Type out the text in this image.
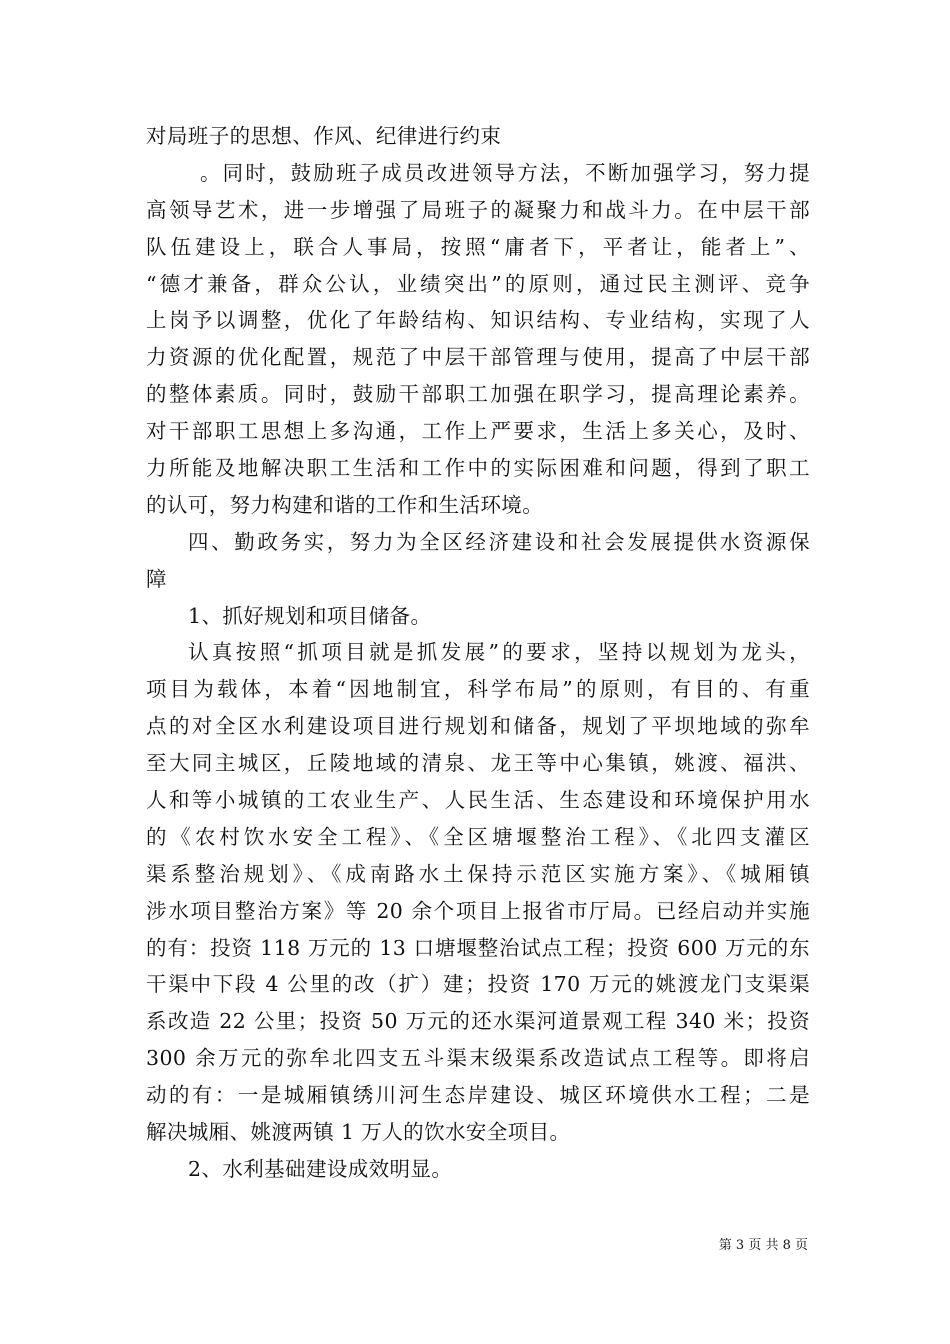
对局班子的思想、作风、纪律进行约束
。同时，鼓励班子成员改进领导方法，不断加强学习，努力提
高领导艺术，进一步增强了局班子的凝聚力和战斗力。在中层干部
队伍建设上，联合人事局，按照“庸者下，平者让，能者上”、
“德才兼备，群众公认，业绩突出”的原则，通过民主测评、竞争
上岗予以调整，优化了年龄结构、知识结构、专业结构，实现了人
力资源的优化配置，规范了中层干部管理与使用，提高了中层干部
的整体素质。同时，鼓励干部职工加强在职学习，提高理论素养。
对干部职工思想上多沟通，工作上严要求，生活上多关心，及时、
力所能及地解决职工生活和工作中的实际困难和问题，得到了职工
的认可，努力构建和谐的工作和生活环境。
四、勤政务实，努力为全区经济建设和社会发展提供水资源保
障
1、抓好规划和项目储备。
认真按照“抓项目就是抓发展”的要求，坚持以规划为龙头，
项目为载体，本着“因地制宜，科学布局”的原则，有目的、有重
点的对全区水利建设项目进行规划和储备，规划了平坝地域的弥牟
至大同主城区，丘陵地域的清泉、龙王等中心集镇，姚渡、福洪、
人和等小城镇的工农业生产、人民生活、生态建设和环境保护用水
的《农村饮水安全工程》、《全区塘堰整治工程》、《北四支灌区
渠系整治规划》、《成南路水土保持示范区实施方案》、《城厢镇
涉水项目整治方案》等 20 余个项目上报省市厅局。已经启动并实施
的有：投资 118 万元的 13 口塘堰整治试点工程；投资 600 万元的东
干渠中下段 4 公里的改（扩）建；投资 170 万元的姚渡龙门支渠渠
系改造 22 公里；投资 50 万元的还水渠河道景观工程 340 米；投资
300 余万元的弥牟北四支五斗渠末级渠系改造试点工程等。即将启
动的有：一是城厢镇绣川河生态岸建设、城区环境供水工程；二是
解决城厢、姚渡两镇 1 万人的饮水安全项目。
2、水利基础建设成效明显。
第 3 页 共 8 页
